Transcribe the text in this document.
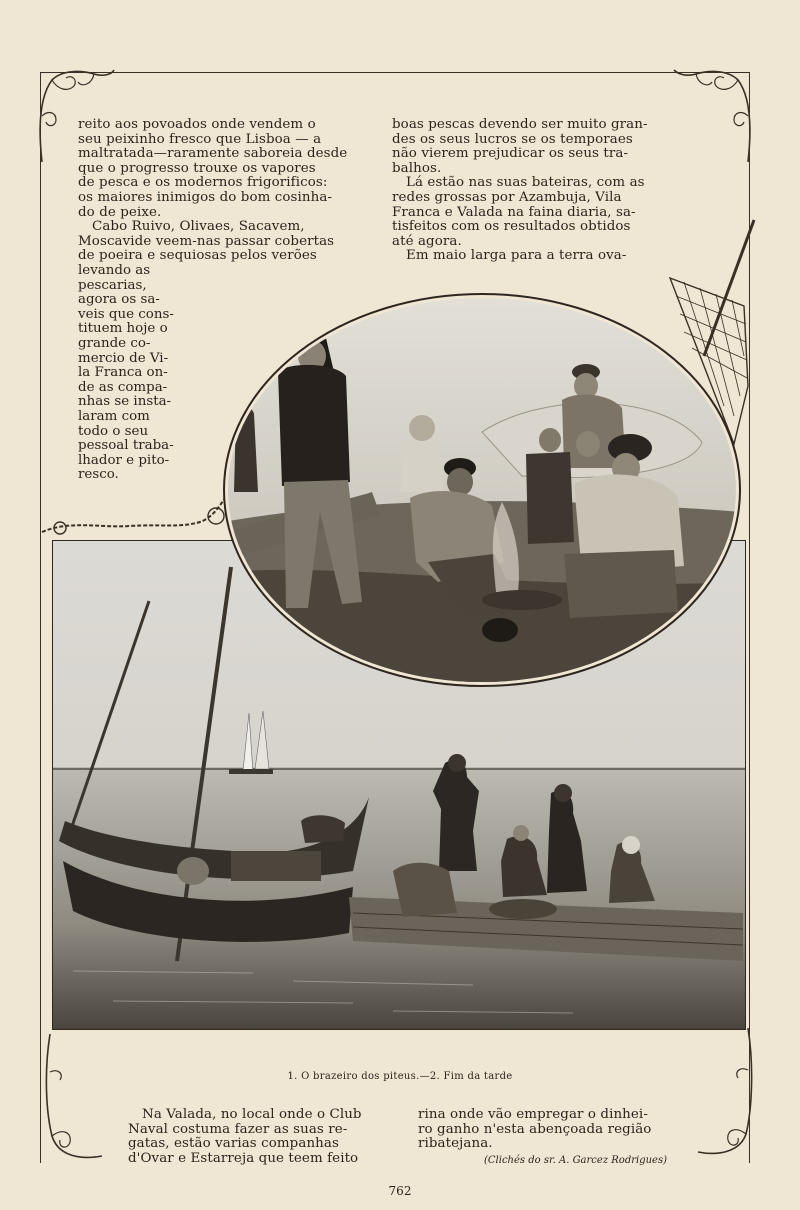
reito aos povoados onde vendem o

seu peixinho fresco que Lisboa — a

maltratada—raramente saboreia desde

que o progresso trouxe os vapores

de pesca e os modernos frigorificos:

os maiores inimigos do bom cosinha-

do de peixe.

Cabo Ruivo, Olivaes, Sacavem,

Moscavide veem-nas passar cobertas

de poeira e sequiosas pelos verões

levando as
pescarias,
agora os sa-
veis que cons-
tituem hoje o
grande co-
mercio de Vi-
la Franca on-
de as compa-
nhas se insta-
laram com
todo o seu
pessoal traba-
lhador e pito-
resco.

boas pescas devendo ser muito gran-

des os seus lucros se os temporaes

não vierem prejudicar os seus tra-

balhos.

Lá estão nas suas bateiras, com as

redes grossas por Azambuja, Vila

Franca e Valada na faina diaria, sa-

tisfeitos com os resultados obtidos

até agora.

Em maio larga para a terra ova-

1. O brazeiro dos piteus.—2. Fim da tarde

Na Valada, no local onde o Club

Naval costuma fazer as suas re-

gatas, estão varias companhas

d'Ovar e Estarreja que teem feito

rina onde vão empregar o dinhei-

ro ganho n'esta abençoada região

ribatejana.

(Clichés do sr. A. Garcez Rodrigues)
762
